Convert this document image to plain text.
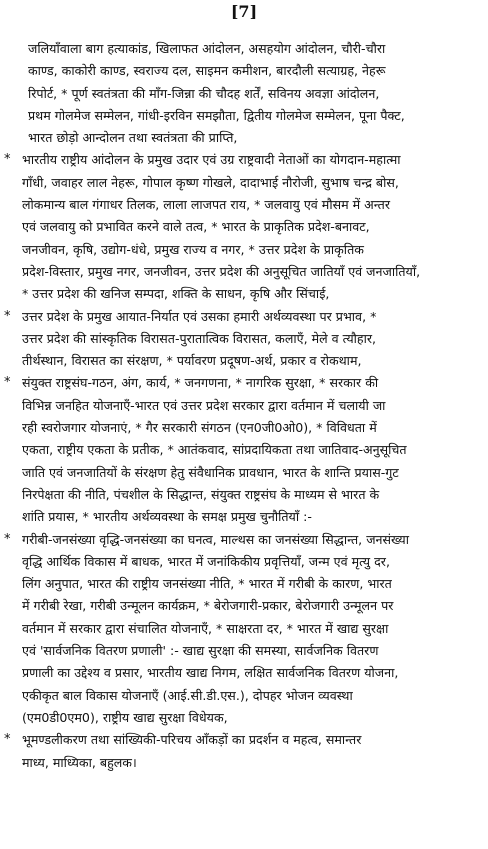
[7]
जलियाँवाला बाग हत्याकांड, खिलाफत आंदोलन, असहयोग आंदोलन, चौरी-चौरा
काण्ड, काकोरी काण्ड, स्वराज्य दल, साइमन कमीशन, बारदौली सत्याग्रह, नेहरू
रिपोर्ट, * पूर्ण स्वतंत्रता की माँग-जिन्ना की चौदह शर्तें, सविनय अवज्ञा आंदोलन,
प्रथम गोलमेज सम्मेलन, गांधी-इरविन समझौता, द्वितीय गोलमेज सम्मेलन, पूना पैक्ट,
भारत छोड़ो आन्दोलन तथा स्वतंत्रता की प्राप्ति,
* भारतीय राष्ट्रीय आंदोलन के प्रमुख उदार एवं उग्र राष्ट्रवादी नेताओं का योगदान-महात्मा
गाँधी, जवाहर लाल नेहरू, गोपाल कृष्ण गोखले, दादाभाई नौरोजी, सुभाष चन्द्र बोस,
लोकमान्य बाल गंगाधर तिलक, लाला लाजपत राय, * जलवायु एवं मौसम में अन्तर
एवं जलवायु को प्रभावित करने वाले तत्व, * भारत के प्राकृतिक प्रदेश-बनावट,
जनजीवन, कृषि, उद्योग-धंधे, प्रमुख राज्य व नगर, * उत्तर प्रदेश के प्राकृतिक
प्रदेश-विस्तार, प्रमुख नगर, जनजीवन, उत्तर प्रदेश की अनुसूचित जातियाँ एवं जनजातियाँ,
* उत्तर प्रदेश की खनिज सम्पदा, शक्ति के साधन, कृषि और सिंचाई,
* उत्तर प्रदेश के प्रमुख आयात-निर्यात एवं उसका हमारी अर्थव्यवस्था पर प्रभाव, *
उत्तर प्रदेश की सांस्कृतिक विरासत-पुरातात्विक विरासत, कलाएँ, मेले व त्यौहार,
तीर्थस्थान, विरासत का संरक्षण, * पर्यावरण प्रदूषण-अर्थ, प्रकार व रोकथाम,
* संयुक्त राष्ट्रसंघ-गठन, अंग, कार्य, * जनगणना, * नागरिक सुरक्षा, * सरकार की
विभिन्न जनहित योजनाएँ-भारत एवं उत्तर प्रदेश सरकार द्वारा वर्तमान में चलायी जा
रही स्वरोजगार योजनाएं, * गैर सरकारी संगठन (एन0जी0ओ0), * विविधता में
एकता, राष्ट्रीय एकता के प्रतीक, * आतंकवाद, सांप्रदायिकता तथा जातिवाद-अनुसूचित
जाति एवं जनजातियों के संरक्षण हेतु संवैधानिक प्रावधान, भारत के शान्ति प्रयास-गुट
निरपेक्षता की नीति, पंचशील के सिद्धान्त, संयुक्त राष्ट्रसंघ के माध्यम से भारत के
शांति प्रयास, * भारतीय अर्थव्यवस्था के समक्ष प्रमुख चुनौतियाँ :-
* गरीबी-जनसंख्या वृद्धि-जनसंख्या का घनत्व, माल्थस का जनसंख्या सिद्धान्त, जनसंख्या
वृद्धि आर्थिक विकास में बाधक, भारत में जनांकिकीय प्रवृत्तियाँ, जन्म एवं मृत्यु दर,
लिंग अनुपात, भारत की राष्ट्रीय जनसंख्या नीति, * भारत में गरीबी के कारण, भारत
में गरीबी रेखा, गरीबी उन्मूलन कार्यक्रम, * बेरोजगारी-प्रकार, बेरोजगारी उन्मूलन पर
वर्तमान में सरकार द्वारा संचालित योजनाएँ, * साक्षरता दर, * भारत में खाद्य सुरक्षा
एवं 'सार्वजनिक वितरण प्रणाली' :- खाद्य सुरक्षा की समस्या, सार्वजनिक वितरण
प्रणाली का उद्देश्य व प्रसार, भारतीय खाद्य निगम, लक्षित सार्वजनिक वितरण योजना,
एकीकृत बाल विकास योजनाएँ (आई.सी.डी.एस.), दोपहर भोजन व्यवस्था
(एम0डी0एम0), राष्ट्रीय खाद्य सुरक्षा विधेयक,
* भूमण्डलीकरण तथा सांख्यिकी-परिचय आँकड़ों का प्रदर्शन व महत्व, समान्तर
माध्य, माध्यिका, बहुलक।
